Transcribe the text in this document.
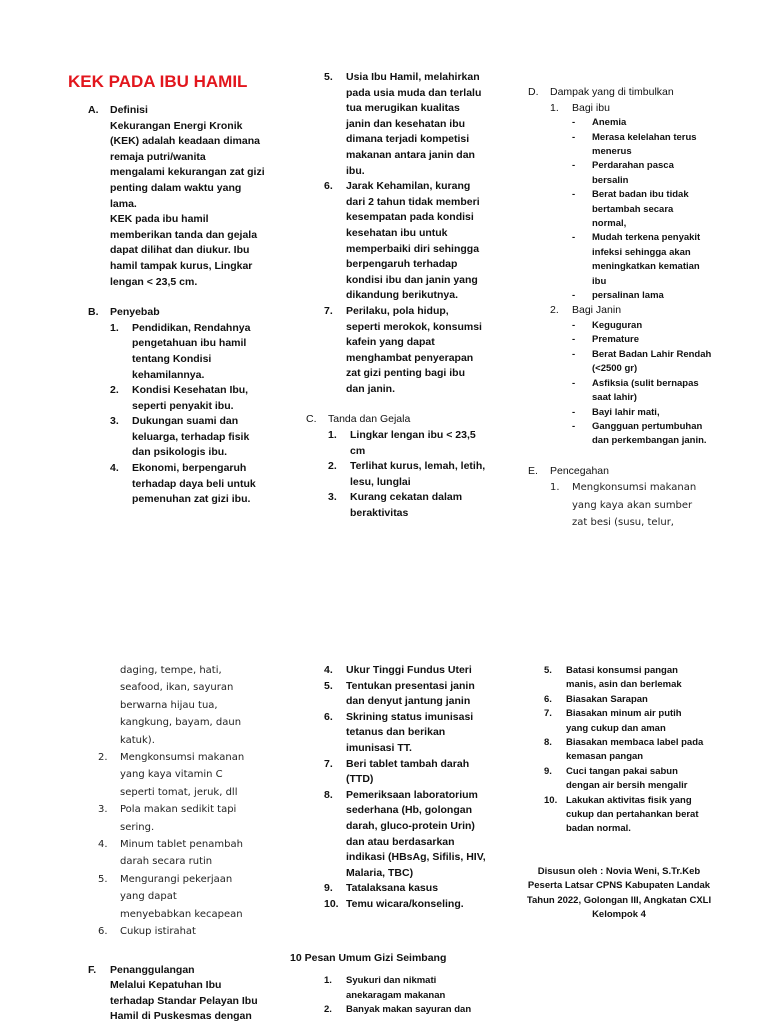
KEK PADA IBU HAMIL
A. Definisi
Kekurangan Energi Kronik
(KEK) adalah keadaan dimana
remaja putri/wanita
mengalami kekurangan zat gizi
penting dalam waktu yang
lama.
KEK pada ibu hamil
memberikan tanda dan gejala
dapat dilihat dan diukur. Ibu
hamil tampak kurus, Lingkar
lengan < 23,5 cm.
B. Penyebab
1. Pendidikan, Rendahnya
pengetahuan ibu hamil
tentang Kondisi
kehamilannya.
2. Kondisi Kesehatan Ibu,
seperti penyakit ibu.
3. Dukungan suami dan
keluarga, terhadap fisik
dan psikologis ibu.
4. Ekonomi, berpengaruh
terhadap daya beli untuk
pemenuhan zat gizi ibu.
5. Usia Ibu Hamil, melahirkan
pada usia muda dan terlalu
tua merugikan kualitas
janin dan kesehatan ibu
dimana terjadi kompetisi
makanan antara janin dan
ibu.
6. Jarak Kehamilan, kurang
dari 2 tahun tidak memberi
kesempatan pada kondisi
kesehatan ibu untuk
memperbaiki diri sehingga
berpengaruh terhadap
kondisi ibu dan janin yang
dikandung berikutnya.
7. Perilaku, pola hidup,
seperti merokok, konsumsi
kafein yang dapat
menghambat penyerapan
zat gizi penting bagi ibu
dan janin.
C. Tanda dan Gejala
1. Lingkar lengan ibu < 23,5
cm
2. Terlihat kurus, lemah, letih,
lesu, lunglai
3. Kurang cekatan dalam
beraktivitas
D. Dampak yang di timbulkan
1. Bagi ibu
- Anemia
- Merasa kelelahan terus
menerus
- Perdarahan pasca
bersalin
- Berat badan ibu tidak
bertambah secara
normal,
- Mudah terkena penyakit
infeksi sehingga akan
meningkatkan kematian
ibu
- persalinan lama
2. Bagi Janin
- Keguguran
- Premature
- Berat Badan Lahir Rendah
(<2500 gr)
- Asfiksia (sulit bernapas
saat lahir)
- Bayi lahir mati,
- Gangguan pertumbuhan
dan perkembangan janin.
E. Pencegahan
1. Mengkonsumsi makanan
yang kaya akan sumber
zat besi (susu, telur,
daging, tempe, hati,
seafood, ikan, sayuran
berwarna hijau tua,
kangkung, bayam, daun
katuk).
2. Mengkonsumsi makanan
yang kaya vitamin C
seperti tomat, jeruk, dll
3. Pola makan sedikit tapi
sering.
4. Minum tablet penambah
darah secara rutin
5. Mengurangi pekerjaan
yang dapat
menyebabkan kecapean
6. Cukup istirahat
F. Penanggulangan
Melalui Kepatuhan Ibu
terhadap Standar Pelayan Ibu
Hamil di Puskesmas dengan
4. Ukur Tinggi Fundus Uteri
5. Tentukan presentasi janin
dan denyut jantung janin
6. Skrining status imunisasi
tetanus dan berikan
imunisasi TT.
7. Beri tablet tambah darah
(TTD)
8. Pemeriksaan laboratorium
sederhana (Hb, golongan
darah, gluco-protein Urin)
dan atau berdasarkan
indikasi (HBsAg, Sifilis, HIV,
Malaria, TBC)
9. Tatalaksana kasus
10. Temu wicara/konseling.
10 Pesan Umum Gizi Seimbang
1. Syukuri dan nikmati
anekaragam makanan
2. Banyak makan sayuran dan
5. Batasi konsumsi pangan
manis, asin dan berlemak
6. Biasakan Sarapan
7. Biasakan minum air putih
yang cukup dan aman
8. Biasakan membaca label pada
kemasan pangan
9. Cuci tangan pakai sabun
dengan air bersih mengalir
10. Lakukan aktivitas fisik yang
cukup dan pertahankan berat
badan normal.
Disusun oleh : Novia Weni, S.Tr.Keb
Peserta Latsar CPNS Kabupaten Landak
Tahun 2022, Golongan III, Angkatan CXLI
Kelompok 4
